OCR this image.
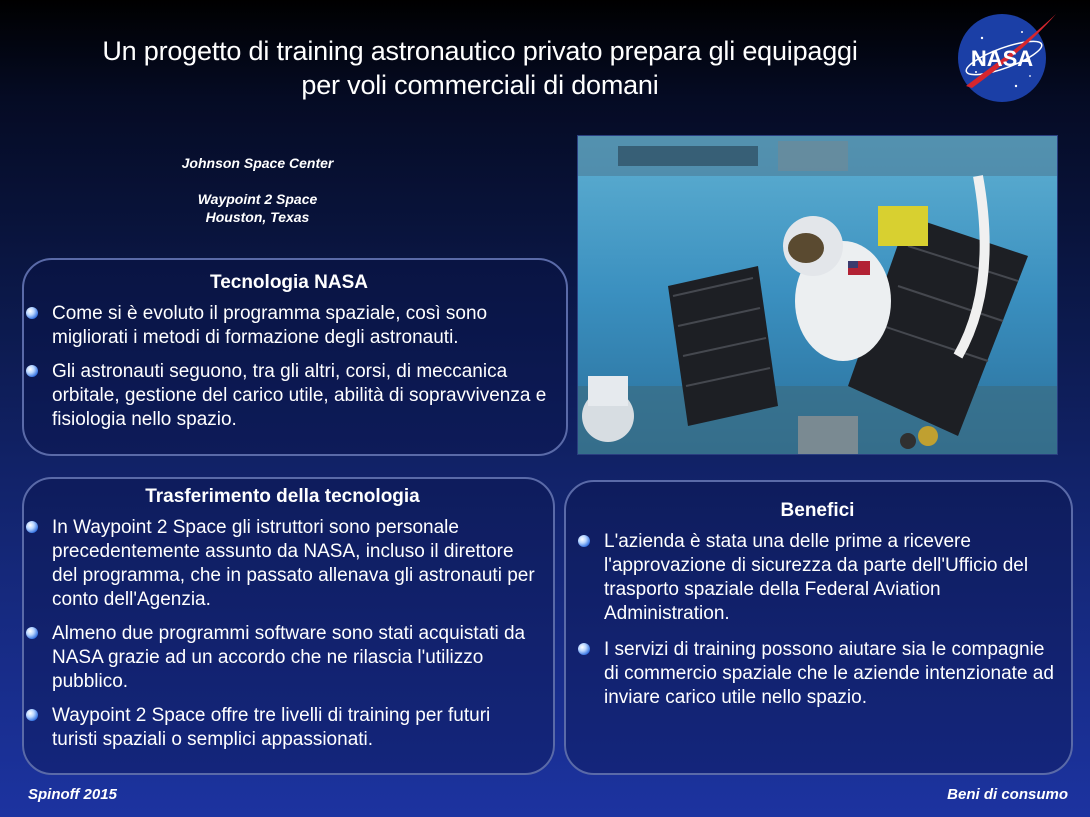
Un progetto di training astronautico privato prepara gli equipaggi
per voli commerciali di domani
NASA
Johnson Space Center
Waypoint 2 Space
Houston, Texas
Tecnologia NASA
Come si è evoluto il programma spaziale, così sono migliorati i metodi di formazione degli astronauti.
Gli astronauti seguono, tra gli altri, corsi, di meccanica orbitale, gestione del carico utile, abilità di sopravvivenza e fisiologia nello spazio.
Trasferimento della tecnologia
In Waypoint 2 Space gli istruttori sono personale precedentemente assunto da NASA, incluso il direttore del programma, che in passato allenava gli astronauti per conto dell'Agenzia.
Almeno due programmi software sono stati acquistati da NASA grazie ad un accordo che ne rilascia l'utilizzo pubblico.
Waypoint 2 Space offre tre livelli di training per futuri turisti spaziali o semplici appassionati.
Benefici
L'azienda è stata una delle prime a ricevere l'approvazione di sicurezza da parte dell'Ufficio del trasporto spaziale della Federal Aviation Administration.
I servizi di training possono aiutare sia le compagnie di commercio spaziale che le aziende intenzionate ad inviare carico utile nello spazio.
Spinoff 2015	Beni di consumo
